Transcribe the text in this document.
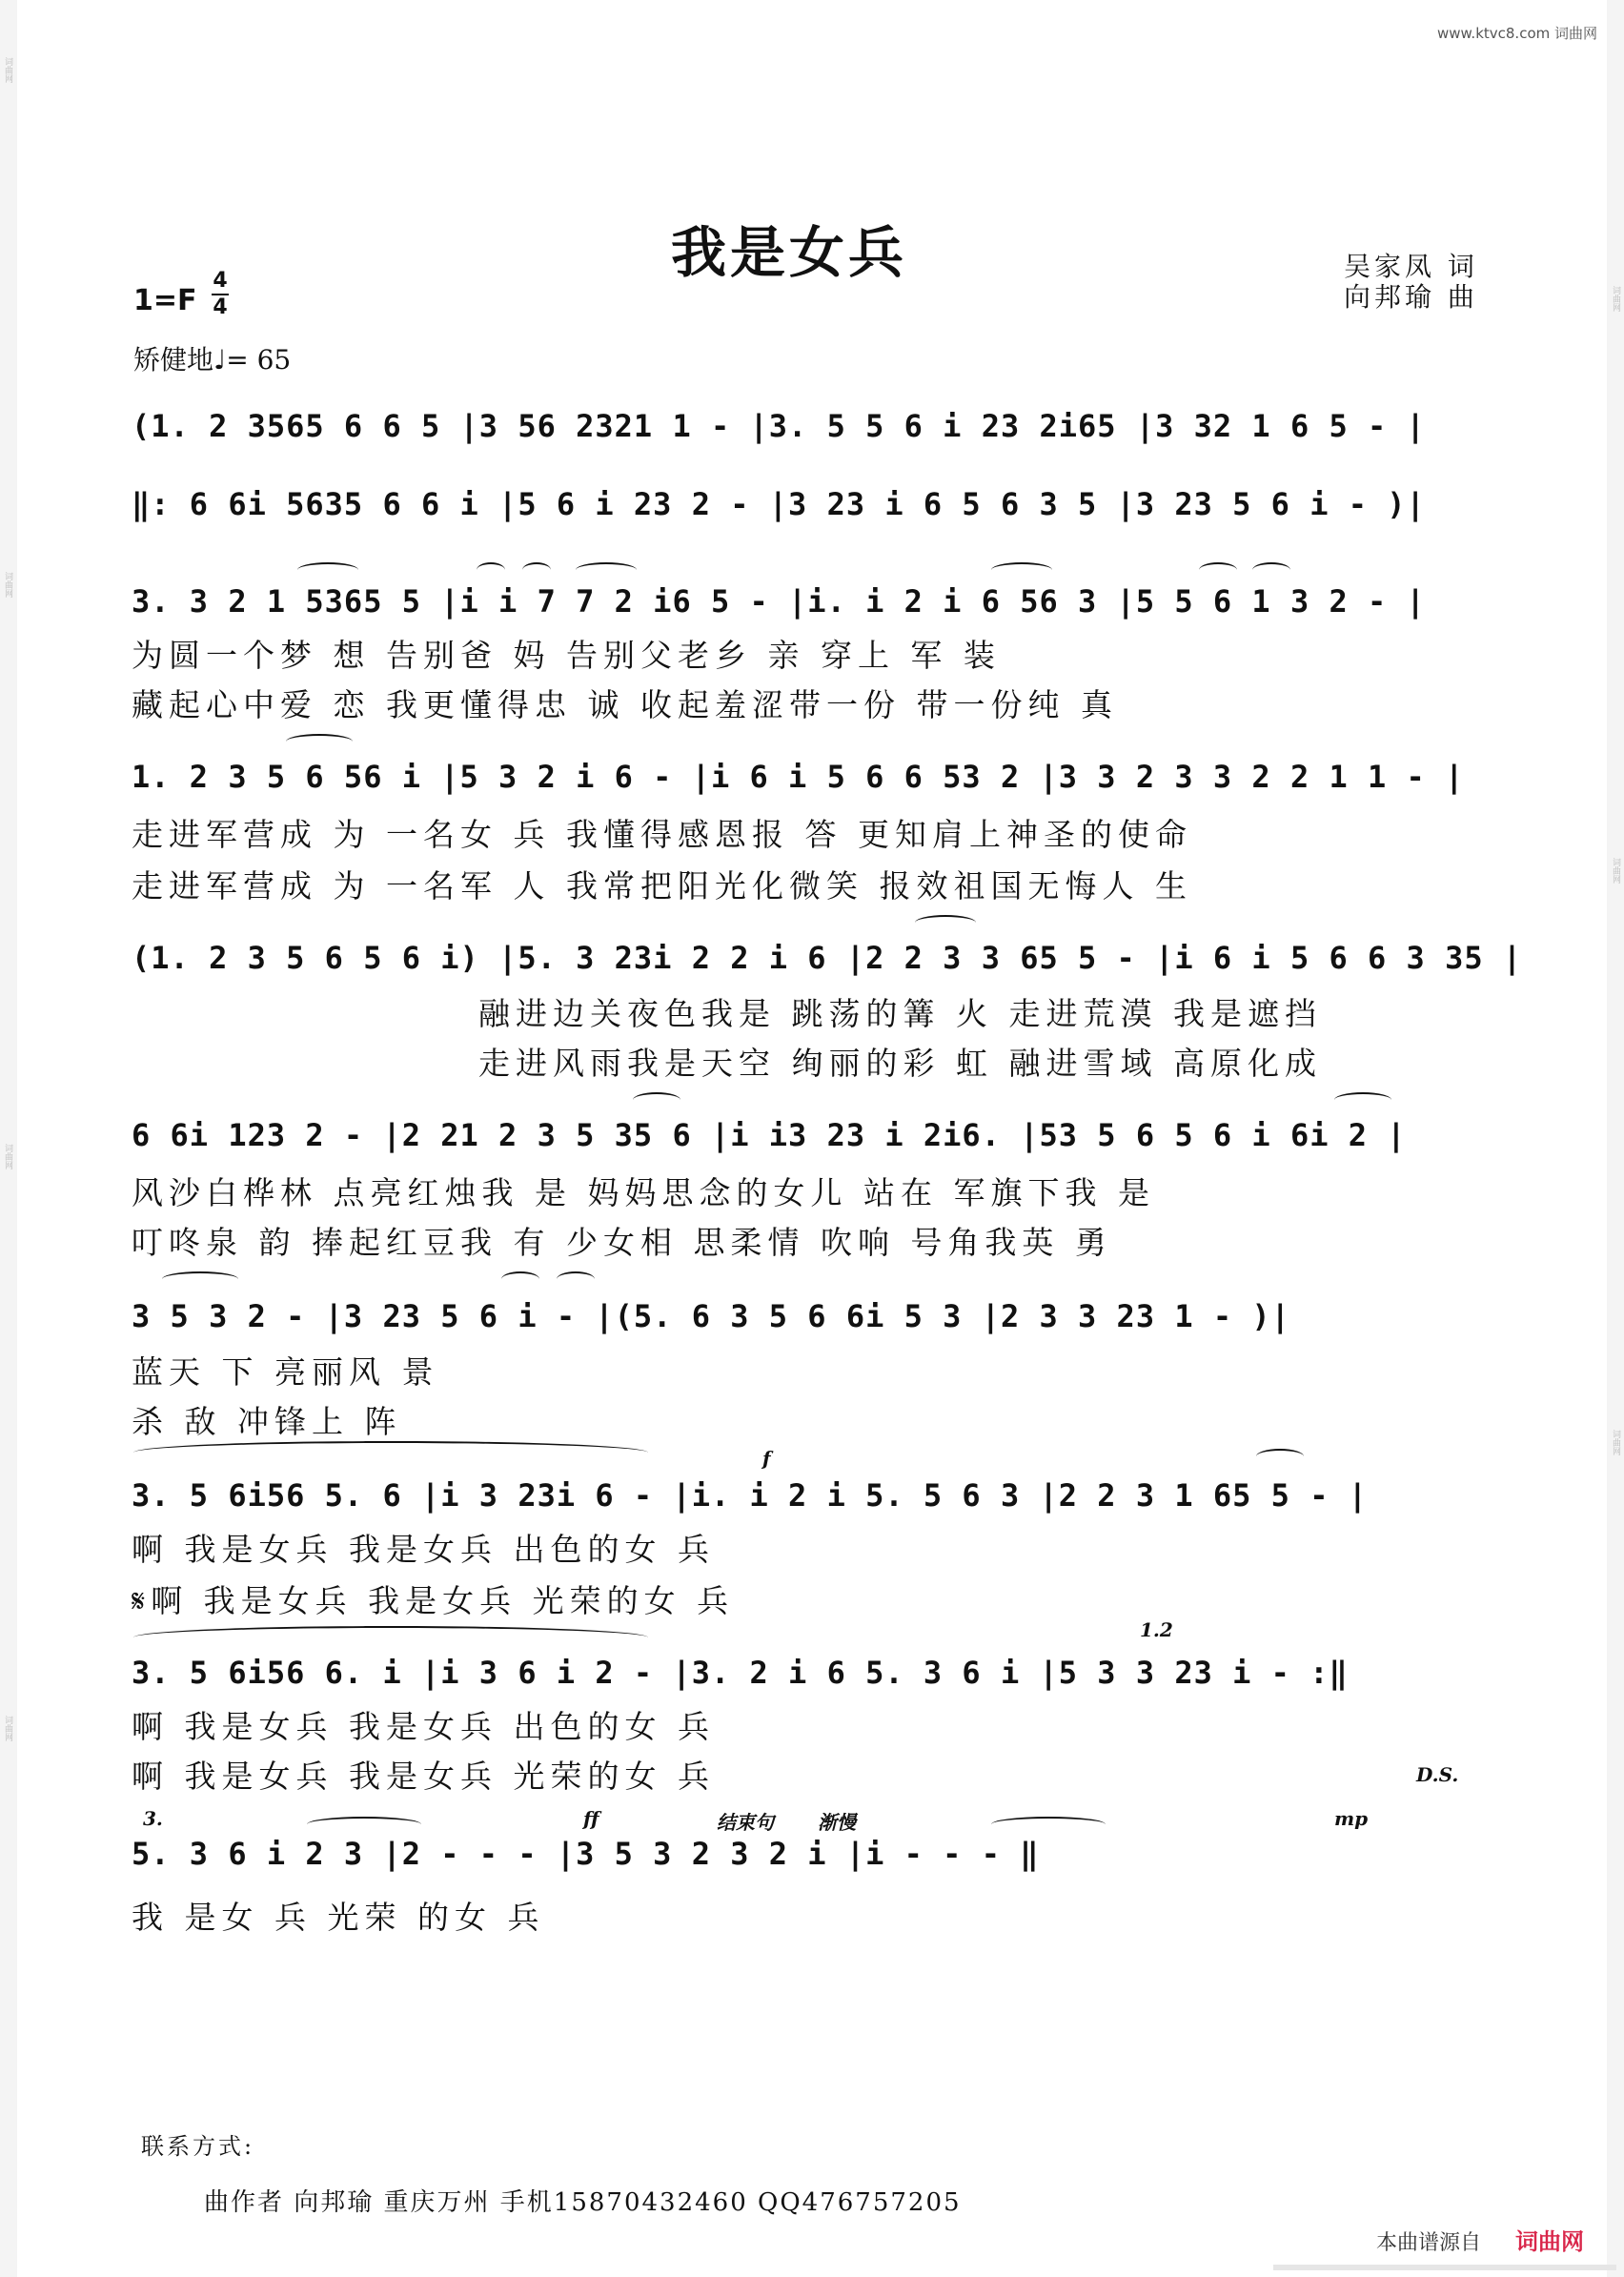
词曲网
词曲网
词曲网
词曲网
词曲网
词曲网
词曲网
www.ktvc8.com 词曲网
我是女兵	吴家凤 词
向邦瑜 曲
1=F
4
4
矫健地♩= 65
(1. 2 3565 6 6 5 |3 56 2321 1 - |3. 5 5 6 i 23 2i65 |3 32 1 6 5 - |
‖: 6 6i 5635 6 6 i |5 6 i 23 2 - |3 23 i 6 5 6 3 5 |3 23 5 6 i - )|
3. 3 2 1 5365 5 |i i 7 7 2 i6 5 - |i. i 2 i 6 56 3 |5 5 6 1 3 2 - |
为圆一个梦 想 告别爸 妈 告别父老乡 亲 穿上 军 装
藏起心中爱 恋 我更懂得忠 诚 收起羞涩带一份 带一份纯 真
1. 2 3 5 6 56 i |5 3 2 i 6 - |i 6 i 5 6 6 53 2 |3 3 2 3 3 2 2 1 1 - |
走进军营成 为 一名女 兵 我懂得感恩报 答 更知肩上神圣的使命
走进军营成 为 一名军 人 我常把阳光化微笑 报效祖国无悔人 生
(1. 2 3 5 6 5 6 i) |5. 3 23i 2 2 i 6 |2 2 3 3 65 5 - |i 6 i 5 6 6 3 35 |
融进边关夜色我是 跳荡的篝 火 走进荒漠 我是遮挡
走进风雨我是天空 绚丽的彩 虹 融进雪域 高原化成
6 6i 123 2 - |2 21 2 3 5 35 6 |i i3 23 i 2i6. |53 5 6 5 6 i 6i 2 |
风沙白桦林 点亮红烛我 是 妈妈思念的女儿 站在 军旗下我 是
叮咚泉 韵 捧起红豆我 有 少女相 思柔情 吹响 号角我英 勇
3 5 3 2 - |3 23 5 6 i - |(5. 6 3 5 6 6i 5 3 |2 3 3 23 1 - )|
蓝天 下 亮丽风 景
杀 敌 冲锋上 阵
f
3. 5 6i56 5. 6 |i 3 23i 6 - |i. i 2 i 5. 5 6 3 |2 2 3 1 65 5 - |
啊 我是女兵 我是女兵 出色的女 兵
𝄋啊 我是女兵 我是女兵 光荣的女 兵
1.2
3. 5 6i56 6. i |i 3 6 i 2 - |3. 2 i 6 5. 3 6 i |5 3 3 23 i - :‖
啊 我是女兵 我是女兵 出色的女 兵
啊 我是女兵 我是女兵 光荣的女 兵	D.S.
3.	ff	结束句 渐慢	mp
5. 3 6 i 2 3 |2 - - - |3 5 3 2 3 2 i |i - - - ‖
我 是女 兵 光荣 的女 兵
联系方式:
曲作者 向邦瑜 重庆万州 手机15870432460 QQ476757205
本曲谱源自 词曲网
